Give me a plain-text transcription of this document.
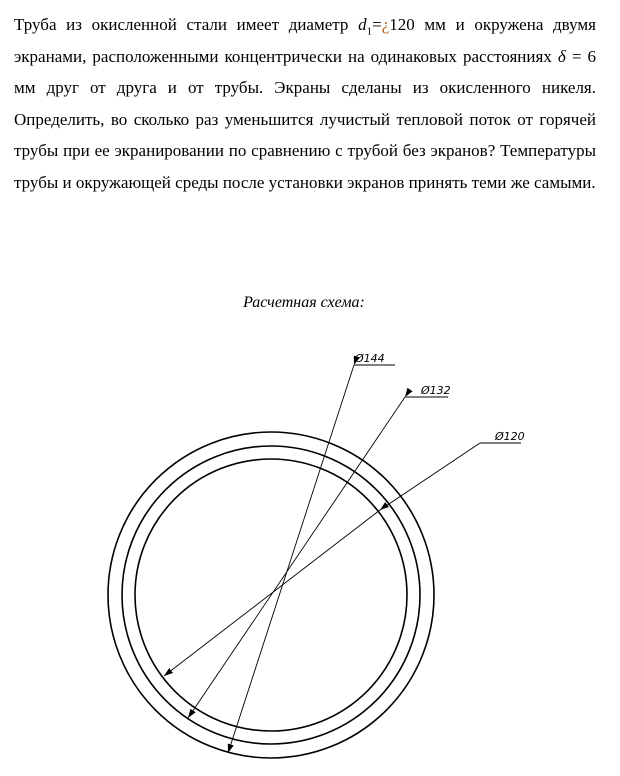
Труба из окисленной стали имеет диаметр $d_1=¿120$ мм и окружена двумя экранами, расположенными концентрически на одинаковых расстояниях δ = 6 мм друг от друга и от трубы. Экраны сделаны из окисленного никеля. Определить, во сколько раз уменьшится лучистый тепловой поток от горячей трубы при ее экранировании по сравнению с трубой без экранов? Температуры трубы и окружающей среды после установки экранов принять теми же самыми.

Расчетная схема:
Ø144
Ø132
Ø120
